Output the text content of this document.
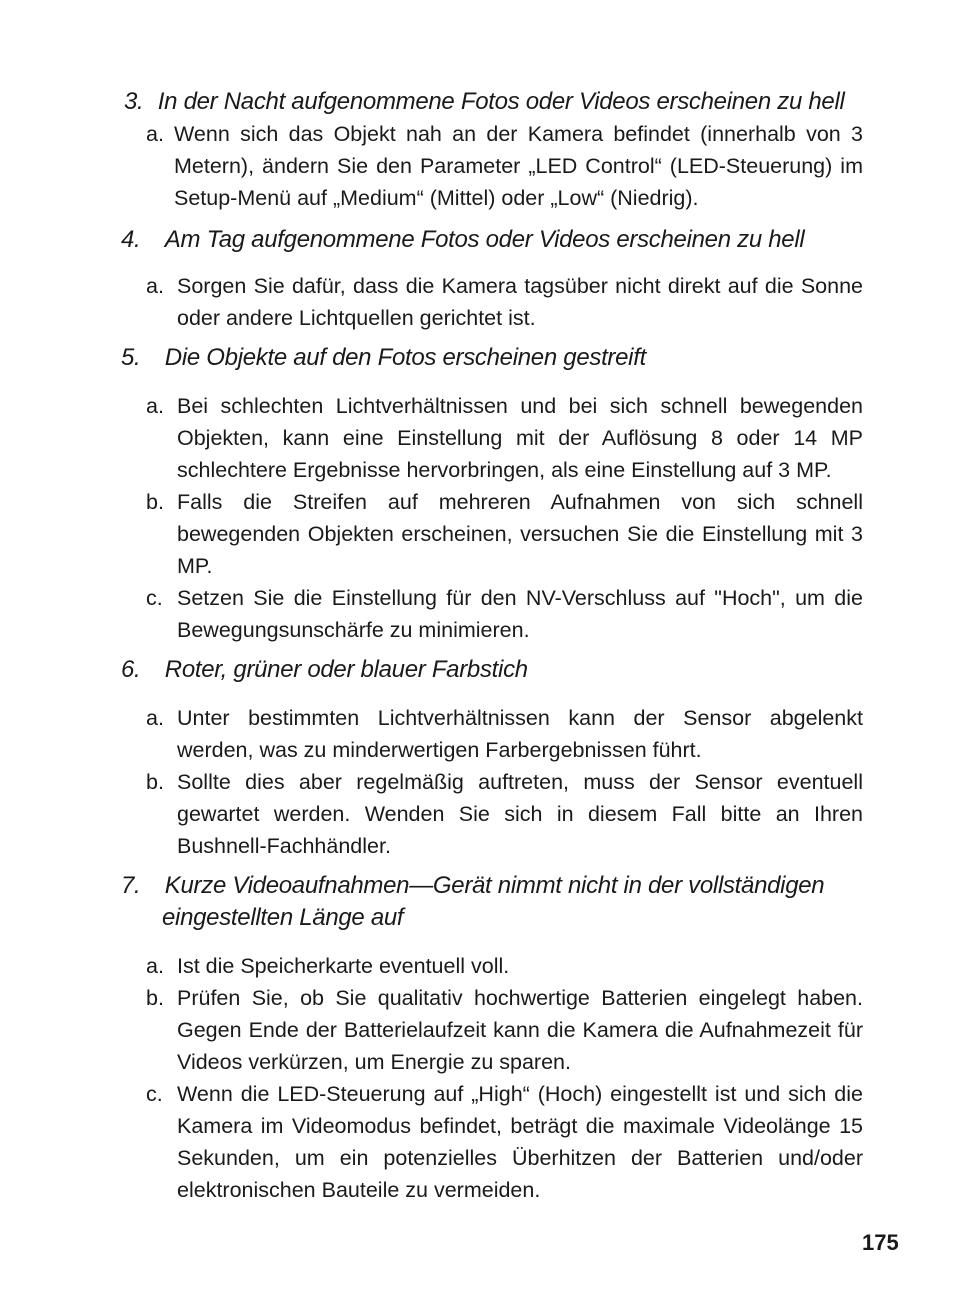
3. In der Nacht aufgenommene Fotos oder Videos erscheinen zu hell
a. Wenn sich das Objekt nah an der Kamera befindet (innerhalb von 3 Metern), ändern Sie den Parameter „LED Control“ (LED-Steuerung) im Setup-Menü auf „Medium“ (Mittel) oder „Low“ (Niedrig).
4. Am Tag aufgenommene Fotos oder Videos erscheinen zu hell
a. Sorgen Sie dafür, dass die Kamera tagsüber nicht direkt auf die Sonne oder andere Lichtquellen gerichtet ist.
5. Die Objekte auf den Fotos erscheinen gestreift
a. Bei schlechten Lichtverhältnissen und bei sich schnell bewegenden Objekten, kann eine Einstellung mit der Auflösung 8 oder 14 MP schlechtere Ergebnisse hervorbringen, als eine Einstellung auf 3 MP.
b. Falls die Streifen auf mehreren Aufnahmen von sich schnell bewegenden Objekten erscheinen, versuchen Sie die Einstellung mit 3 MP.
c. Setzen Sie die Einstellung für den NV-Verschluss auf "Hoch", um die Bewegungsunschärfe zu minimieren.
6. Roter, grüner oder blauer Farbstich
a. Unter bestimmten Lichtverhältnissen kann der Sensor abgelenkt werden, was zu minderwertigen Farbergebnissen führt.
b. Sollte dies aber regelmäßig auftreten, muss der Sensor eventuell gewartet werden. Wenden Sie sich in diesem Fall bitte an Ihren Bushnell-Fachhändler.
7. Kurze Videoaufnahmen—Gerät nimmt nicht in der vollständigen
eingestellten Länge auf
a. Ist die Speicherkarte eventuell voll.
b. Prüfen Sie, ob Sie qualitativ hochwertige Batterien eingelegt haben. Gegen Ende der Batterielaufzeit kann die Kamera die Aufnahmezeit für Videos verkürzen, um Energie zu sparen.
c. Wenn die LED-Steuerung auf „High“ (Hoch) eingestellt ist und sich die Kamera im Videomodus befindet, beträgt die maximale Videolänge 15 Sekunden, um ein potenzielles Überhitzen der Batterien und/oder elektronischen Bauteile zu vermeiden.
175
